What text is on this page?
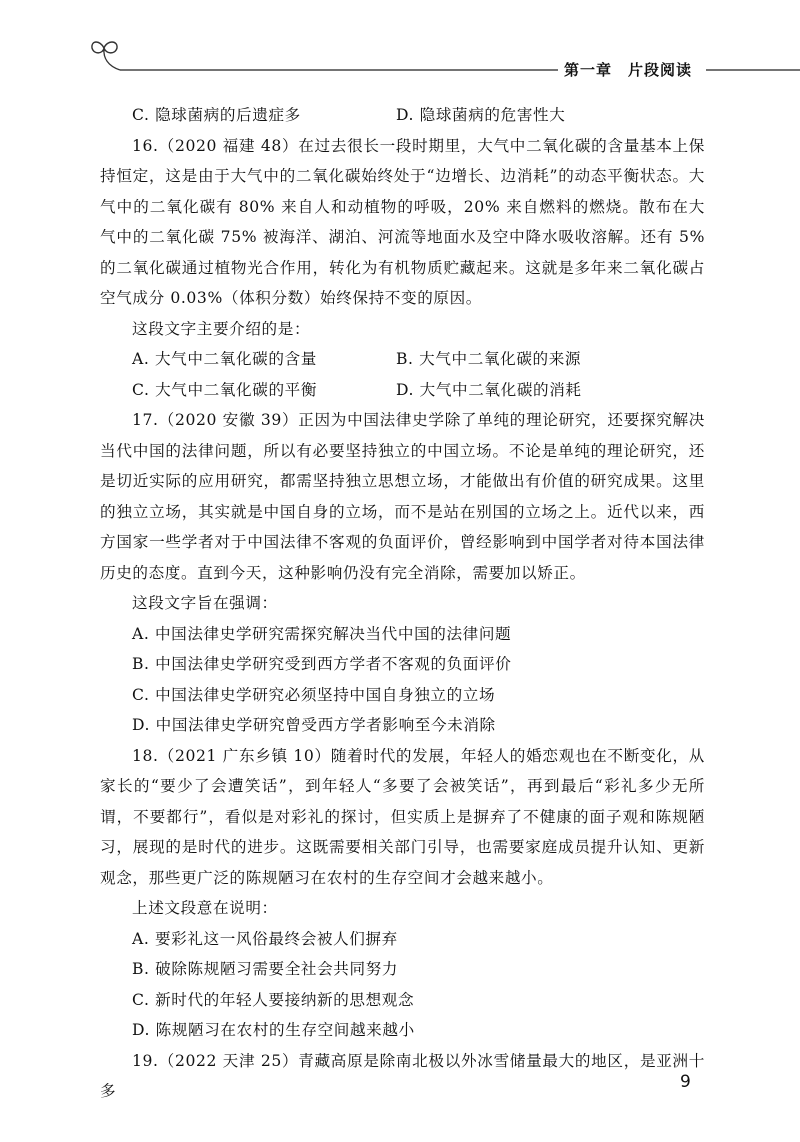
第一章　片段阅读

C. 隐球菌病的后遗症多	D. 隐球菌病的危害性大

16.（2020 福建 48）在过去很长一段时期里，大气中二氧化碳的含量基本上保持恒定，这是由于大气中的二氧化碳始终处于“边增长、边消耗”的动态平衡状态。大气中的二氧化碳有 80% 来自人和动植物的呼吸，20% 来自燃料的燃烧。散布在大气中的二氧化碳 75% 被海洋、湖泊、河流等地面水及空中降水吸收溶解。还有 5% 的二氧化碳通过植物光合作用，转化为有机物质贮藏起来。这就是多年来二氧化碳占空气成分 0.03%（体积分数）始终保持不变的原因。

这段文字主要介绍的是：

A. 大气中二氧化碳的含量	B. 大气中二氧化碳的来源

C. 大气中二氧化碳的平衡	D. 大气中二氧化碳的消耗

17.（2020 安徽 39）正因为中国法律史学除了单纯的理论研究，还要探究解决当代中国的法律问题，所以有必要坚持独立的中国立场。不论是单纯的理论研究，还是切近实际的应用研究，都需坚持独立思想立场，才能做出有价值的研究成果。这里的独立立场，其实就是中国自身的立场，而不是站在别国的立场之上。近代以来，西方国家一些学者对于中国法律不客观的负面评价，曾经影响到中国学者对待本国法律历史的态度。直到今天，这种影响仍没有完全消除，需要加以矫正。

这段文字旨在强调：

A. 中国法律史学研究需探究解决当代中国的法律问题

B. 中国法律史学研究受到西方学者不客观的负面评价

C. 中国法律史学研究必须坚持中国自身独立的立场

D. 中国法律史学研究曾受西方学者影响至今未消除

18.（2021 广东乡镇 10）随着时代的发展，年轻人的婚恋观也在不断变化，从家长的“要少了会遭笑话”，到年轻人“多要了会被笑话”，再到最后“彩礼多少无所谓，不要都行”，看似是对彩礼的探讨，但实质上是摒弃了不健康的面子观和陈规陋习，展现的是时代的进步。这既需要相关部门引导，也需要家庭成员提升认知、更新观念，那些更广泛的陈规陋习在农村的生存空间才会越来越小。

上述文段意在说明：

A. 要彩礼这一风俗最终会被人们摒弃

B. 破除陈规陋习需要全社会共同努力

C. 新时代的年轻人要接纳新的思想观念

D. 陈规陋习在农村的生存空间越来越小

19.（2022 天津 25）青藏高原是除南北极以外冰雪储量最大的地区，是亚洲十多	9
